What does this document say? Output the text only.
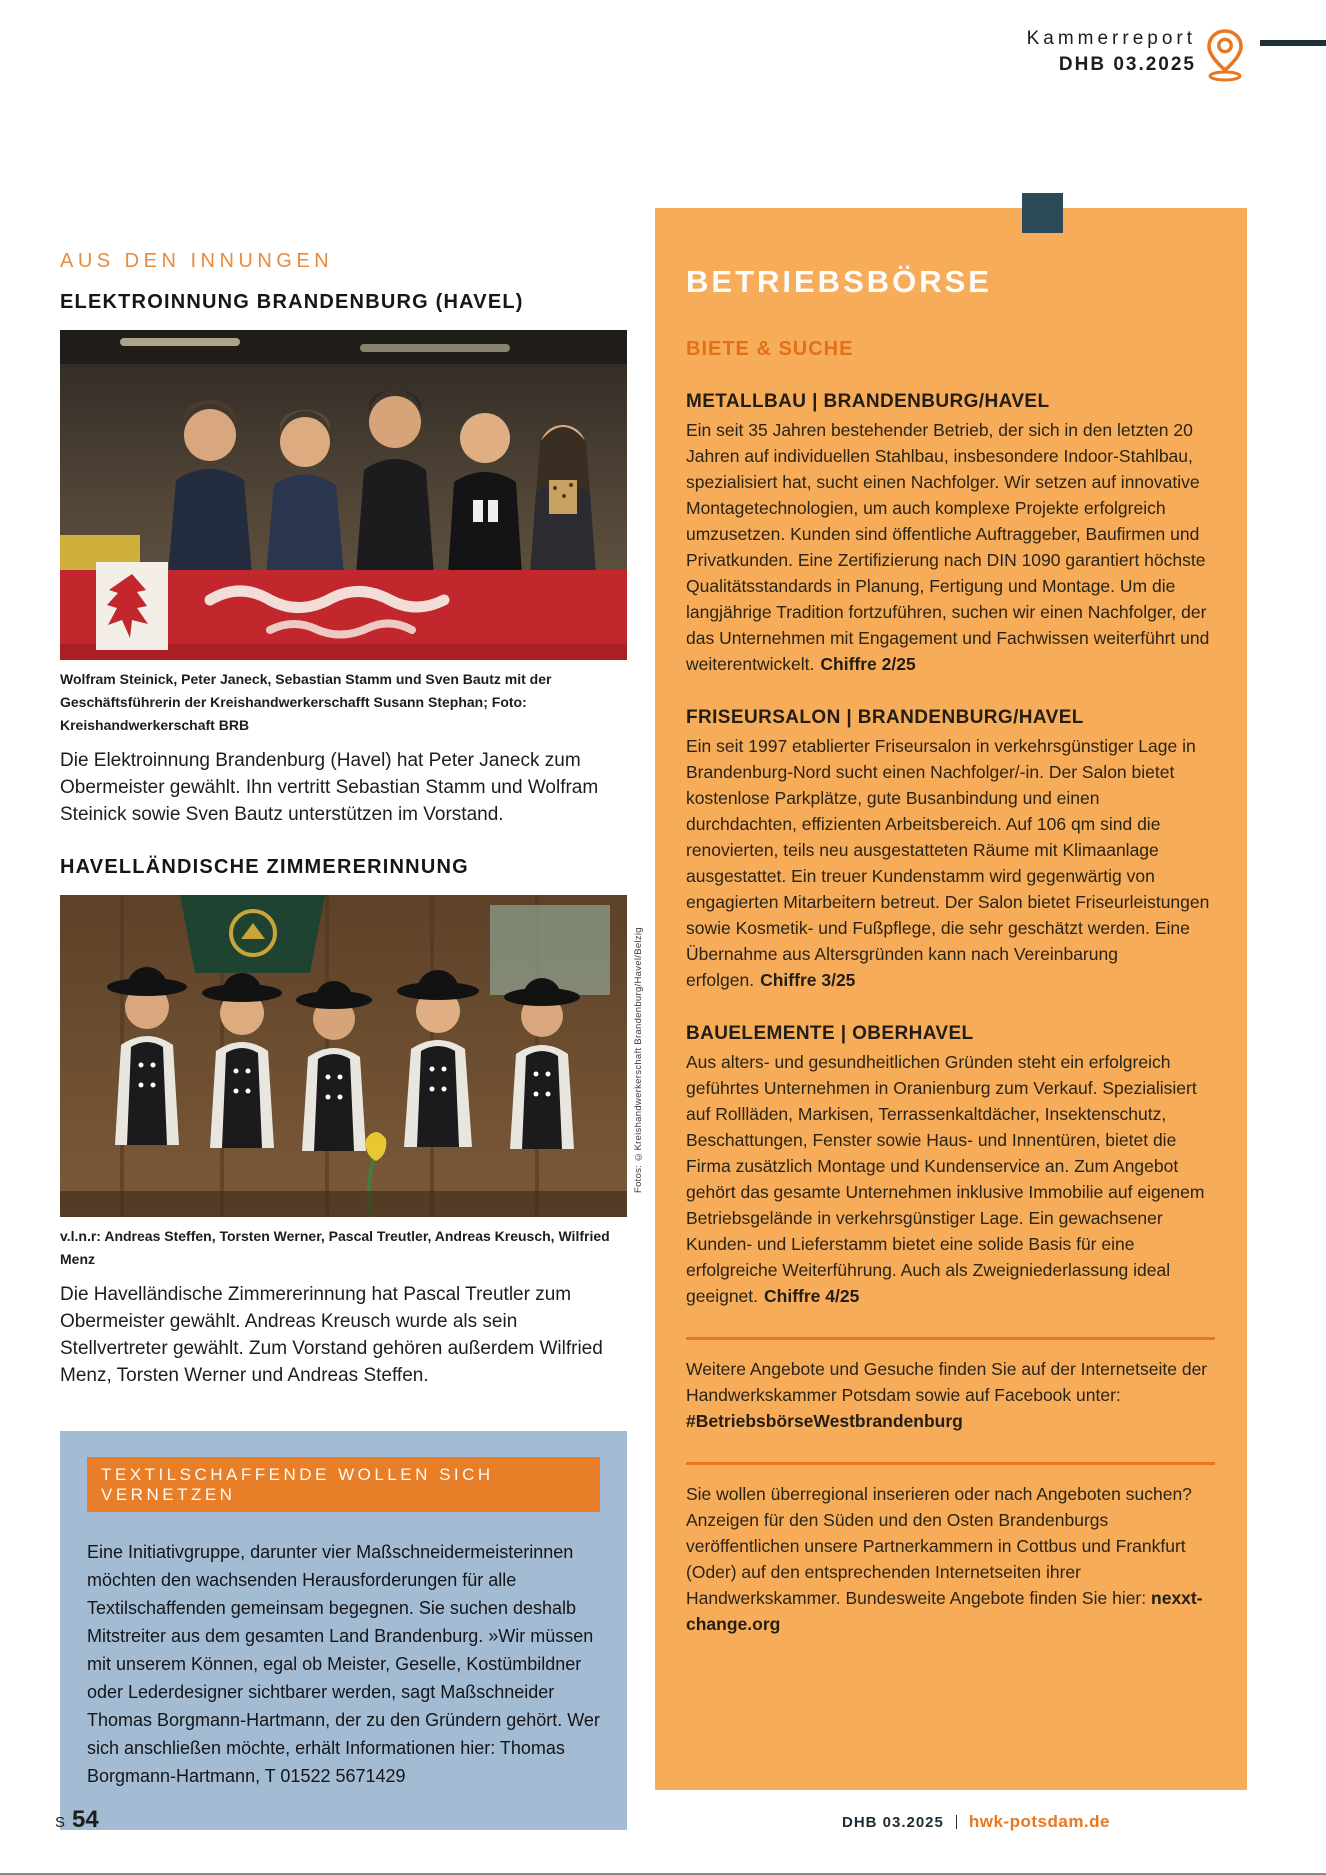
Kammerreport
DHB 03.2025
AUS DEN INNUNGEN
ELEKTROINNUNG BRANDENBURG (HAVEL)
Wolfram Steinick, Peter Janeck, Sebastian Stamm und Sven Bautz mit der Geschäftsführerin der Kreishandwerkerschafft Susann Stephan; Foto: Kreishandwerkerschaft BRB
Die Elektroinnung Brandenburg (Havel) hat Peter Janeck zum Obermeister gewählt. Ihn vertritt Sebastian Stamm und Wolfram Steinick sowie Sven Bautz unterstützen im Vorstand.
HAVELLÄNDISCHE ZIMMERERINNUNG
v.l.n.r: Andreas Steffen, Torsten Werner, Pascal Treutler, Andreas Kreusch, Wilfried Menz
Die Havelländische Zimmererinnung hat Pascal Treutler zum Obermeister gewählt. Andreas Kreusch wurde als sein Stellvertreter gewählt. Zum Vorstand gehören außerdem Wilfried Menz, Torsten Werner und Andreas Steffen.
TEXTILSCHAFFENDE WOLLEN SICH VERNETZEN
Eine Initiativgruppe, darunter vier Maßschneidermeisterinnen möchten den wachsenden Herausforderungen für alle Textilschaffenden gemeinsam begegnen. Sie suchen deshalb Mitstreiter aus dem gesamten Land Brandenburg. »Wir müssen mit unserem Können, egal ob Meister, Geselle, Kostümbildner oder Lederdesigner sichtbarer werden, sagt Maßschneider Thomas Borgmann-Hartmann, der zu den Gründern gehört. Wer sich anschließen möchte, erhält Informationen hier: Thomas Borgmann-Hartmann, T 01522 5671429
Fotos: ©Kreishandwerkerschaft Brandenburg/Havel/Belzig
BETRIEBSBÖRSE
BIETE & SUCHE
METALLBAU | BRANDENBURG/HAVEL
Ein seit 35 Jahren bestehender Betrieb, der sich in den letzten 20 Jahren auf individuellen Stahlbau, insbesondere Indoor-Stahlbau, spezialisiert hat, sucht einen Nachfolger. Wir setzen auf innovative Montagetechnologien, um auch komplexe Projekte erfolgreich umzusetzen. Kunden sind öffentliche Auftraggeber, Baufirmen und Privatkunden. Eine Zertifizierung nach DIN 1090 garantiert höchste Qualitätsstandards in Planung, Fertigung und Montage. Um die langjährige Tradition fortzuführen, suchen wir einen Nachfolger, der das Unternehmen mit Engagement und Fachwissen weiterführt und weiterentwickelt. Chiffre 2/25
FRISEURSALON | BRANDENBURG/HAVEL
Ein seit 1997 etablierter Friseursalon in verkehrsgünstiger Lage in Brandenburg-Nord sucht einen Nachfolger/-in. Der Salon bietet kostenlose Parkplätze, gute Busanbindung und einen durchdachten, effizienten Arbeitsbereich. Auf 106 qm sind die renovierten, teils neu ausgestatteten Räume mit Klimaanlage ausgestattet. Ein treuer Kundenstamm wird gegenwärtig von engagierten Mitarbeitern betreut. Der Salon bietet Friseurleistungen sowie Kosmetik- und Fußpflege, die sehr geschätzt werden. Eine Übernahme aus Altersgründen kann nach Vereinbarung erfolgen. Chiffre 3/25
BAUELEMENTE | OBERHAVEL
Aus alters- und gesundheitlichen Gründen steht ein erfolgreich geführtes Unternehmen in Oranienburg zum Verkauf. Spezialisiert auf Rollläden, Markisen, Terrassenkaltdächer, Insektenschutz, Beschattungen, Fenster sowie Haus- und Innentüren, bietet die Firma zusätzlich Montage und Kundenservice an. Zum Angebot gehört das gesamte Unternehmen inklusive Immobilie auf eigenem Betriebsgelände in verkehrsgünstiger Lage. Ein gewachsener Kunden- und Lieferstamm bietet eine solide Basis für eine erfolgreiche Weiterführung. Auch als Zweigniederlassung ideal geeignet. Chiffre 4/25
Weitere Angebote und Gesuche finden Sie auf der Internetseite der Handwerkskammer Potsdam sowie auf Facebook unter:
#BetriebsbörseWestbrandenburg
Sie wollen überregional inserieren oder nach Angeboten suchen? Anzeigen für den Süden und den Osten Brandenburgs veröffentlichen unsere Partnerkammern in Cottbus und Frankfurt (Oder) auf den entsprechenden Internetseiten ihrer Handwerkskammer. Bundesweite Angebote finden Sie hier: nexxt-change.org
S 54	DHB 03.2025 hwk-potsdam.de
